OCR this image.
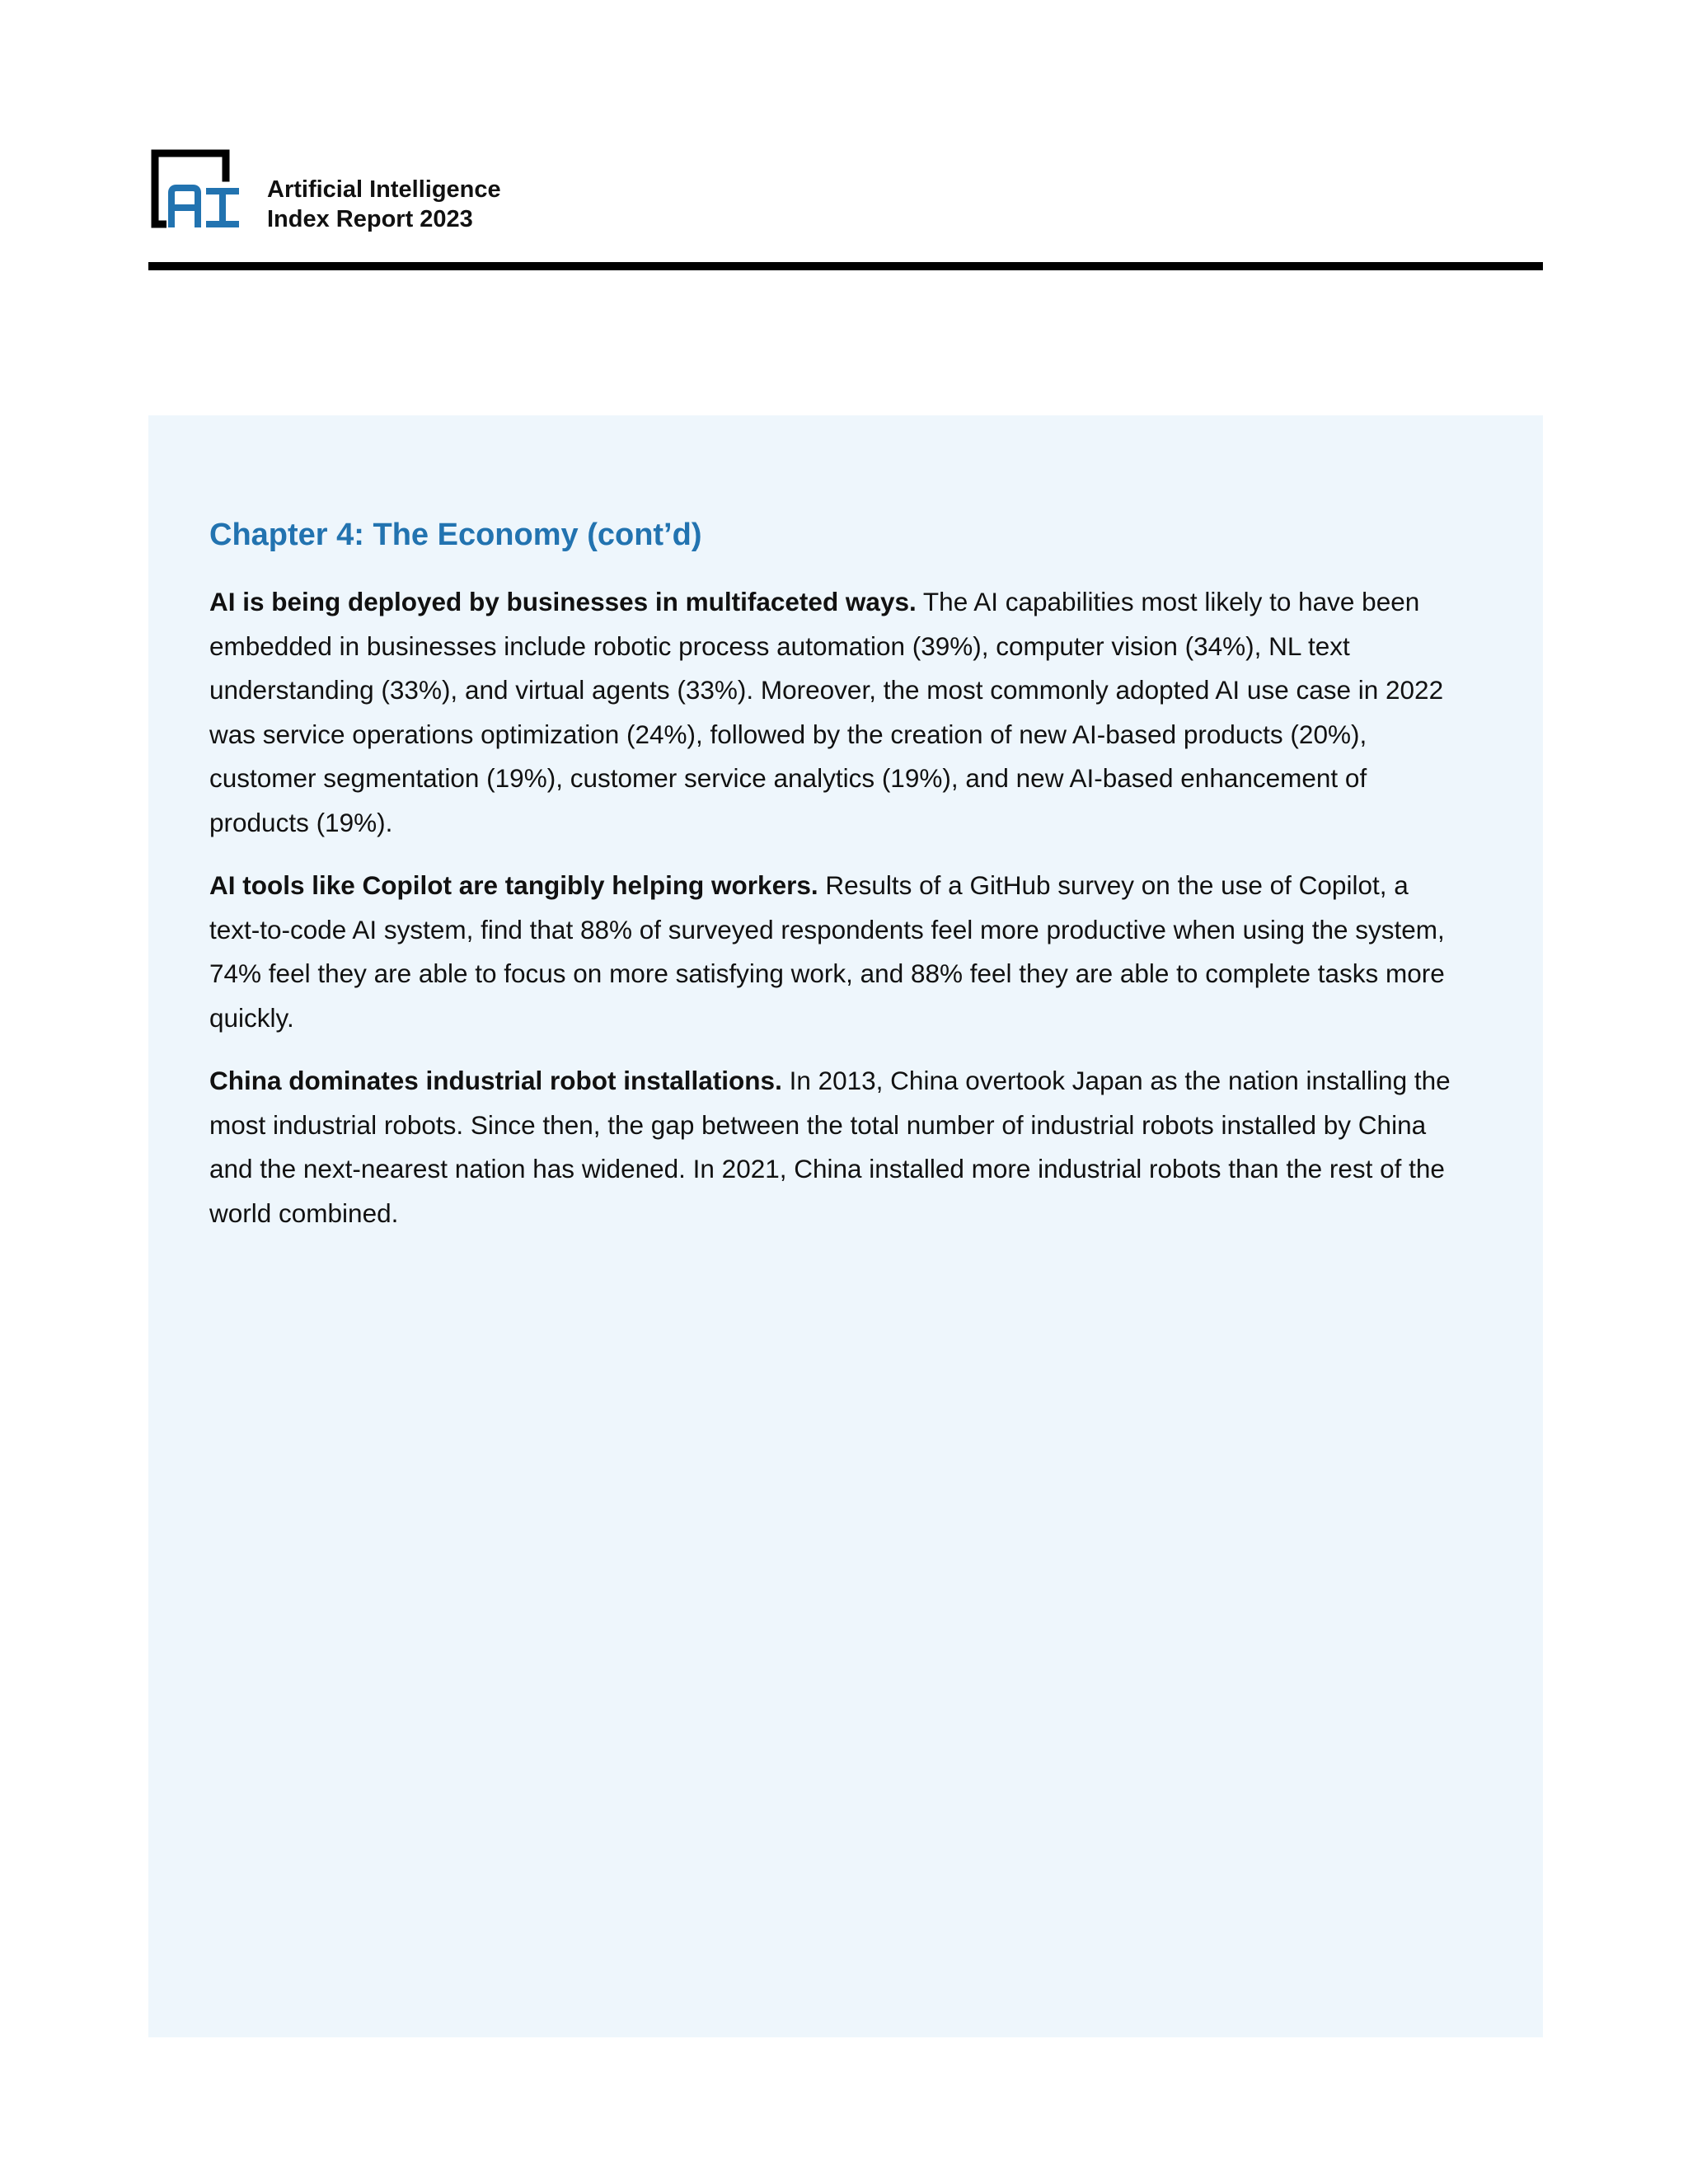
Artificial Intelligence
Index Report 2023
Chapter 4: The Economy (cont’d)

AI is being deployed by businesses in multifaceted ways. The AI capabilities most likely to have been embedded in businesses include robotic process automation (39%), computer vision (34%), NL text understanding (33%), and virtual agents (33%). Moreover, the most commonly adopted AI use case in 2022 was service operations optimization (24%), followed by the creation of new AI-based products (20%), customer segmentation (19%), customer service analytics (19%), and new AI-based enhancement of products (19%).

AI tools like Copilot are tangibly helping workers. Results of a GitHub survey on the use of Copilot, a text-to-code AI system, find that 88% of surveyed respondents feel more productive when using the system, 74% feel they are able to focus on more satisfying work, and 88% feel they are able to complete tasks more quickly.

China dominates industrial robot installations. In 2013, China overtook Japan as the nation installing the most industrial robots. Since then, the gap between the total number of industrial robots installed by China and the next-nearest nation has widened. In 2021, China installed more industrial robots than the rest of the world combined.
